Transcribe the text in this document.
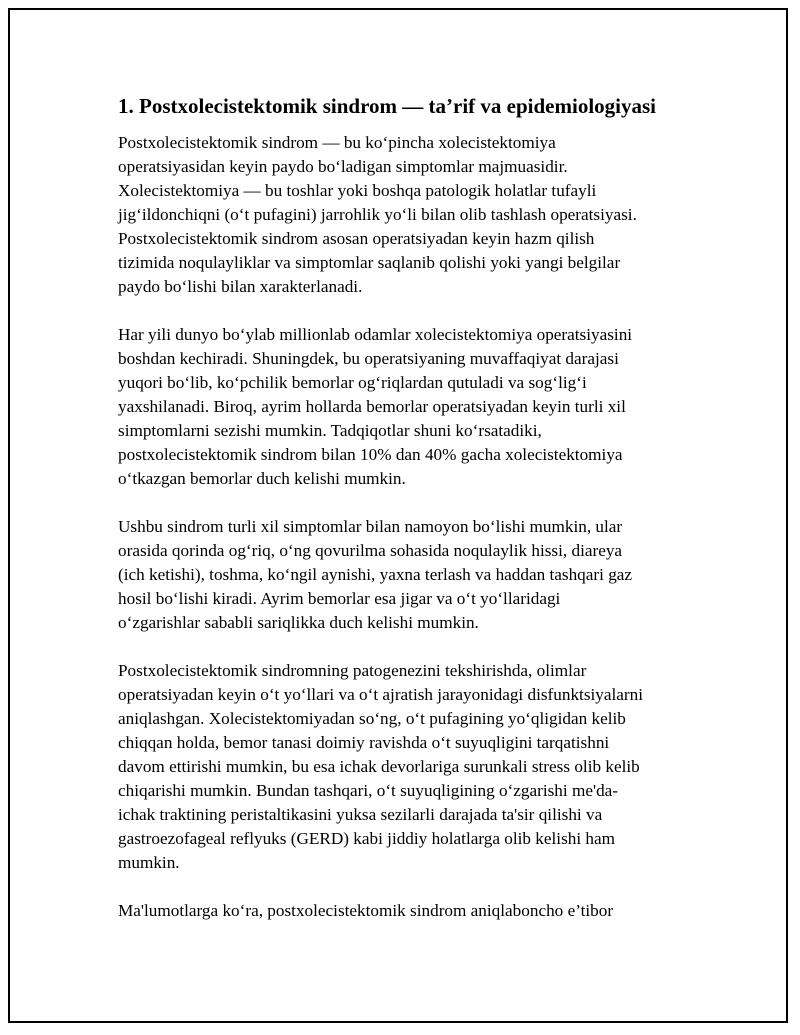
1. Postxolecistektomik sindrom — ta’rif va epidemiologiyasi

Postxolecistektomik sindrom — bu koʻpincha xolecistektomiya
operatsiyasidan keyin paydo boʻladigan simptomlar majmuasidir.
Xolecistektomiya — bu toshlar yoki boshqa patologik holatlar tufayli
jigʻildonchiqni (oʻt pufagini) jarrohlik yoʻli bilan olib tashlash operatsiyasi.
Postxolecistektomik sindrom asosan operatsiyadan keyin hazm qilish
tizimida noqulayliklar va simptomlar saqlanib qolishi yoki yangi belgilar
paydo boʻlishi bilan xarakterlanadi.

Har yili dunyo boʻylab millionlab odamlar xolecistektomiya operatsiyasini
boshdan kechiradi. Shuningdek, bu operatsiyaning muvaffaqiyat darajasi
yuqori boʻlib, koʻpchilik bemorlar ogʻriqlardan qutuladi va sogʻligʻi
yaxshilanadi. Biroq, ayrim hollarda bemorlar operatsiyadan keyin turli xil
simptomlarni sezishi mumkin. Tadqiqotlar shuni koʻrsatadiki,
postxolecistektomik sindrom bilan 10% dan 40% gacha xolecistektomiya
oʻtkazgan bemorlar duch kelishi mumkin.

Ushbu sindrom turli xil simptomlar bilan namoyon boʻlishi mumkin, ular
orasida qorinda ogʻriq, oʻng qovurilma sohasida noqulaylik hissi, diareya
(ich ketishi), toshma, koʻngil aynishi, yaxna terlash va haddan tashqari gaz
hosil boʻlishi kiradi. Ayrim bemorlar esa jigar va oʻt yoʻllaridagi
oʻzgarishlar sababli sariqlikka duch kelishi mumkin.

Postxolecistektomik sindromning patogenezini tekshirishda, olimlar
operatsiyadan keyin oʻt yoʻllari va oʻt ajratish jarayonidagi disfunktsiyalarni
aniqlashgan. Xolecistektomiyadan soʻng, oʻt pufagining yoʻqligidan kelib
chiqqan holda, bemor tanasi doimiy ravishda oʻt suyuqligini tarqatishni
davom ettirishi mumkin, bu esa ichak devorlariga surunkali stress olib kelib
chiqarishi mumkin. Bundan tashqari, oʻt suyuqligining oʻzgarishi me'da-
ichak traktining peristaltikasini yuksa sezilarli darajada ta'sir qilishi va
gastroezofageal reflyuks (GERD) kabi jiddiy holatlarga olib kelishi ham
mumkin.

Ma'lumotlarga koʻra, postxolecistektomik sindrom aniqlaboncho e’tibor
